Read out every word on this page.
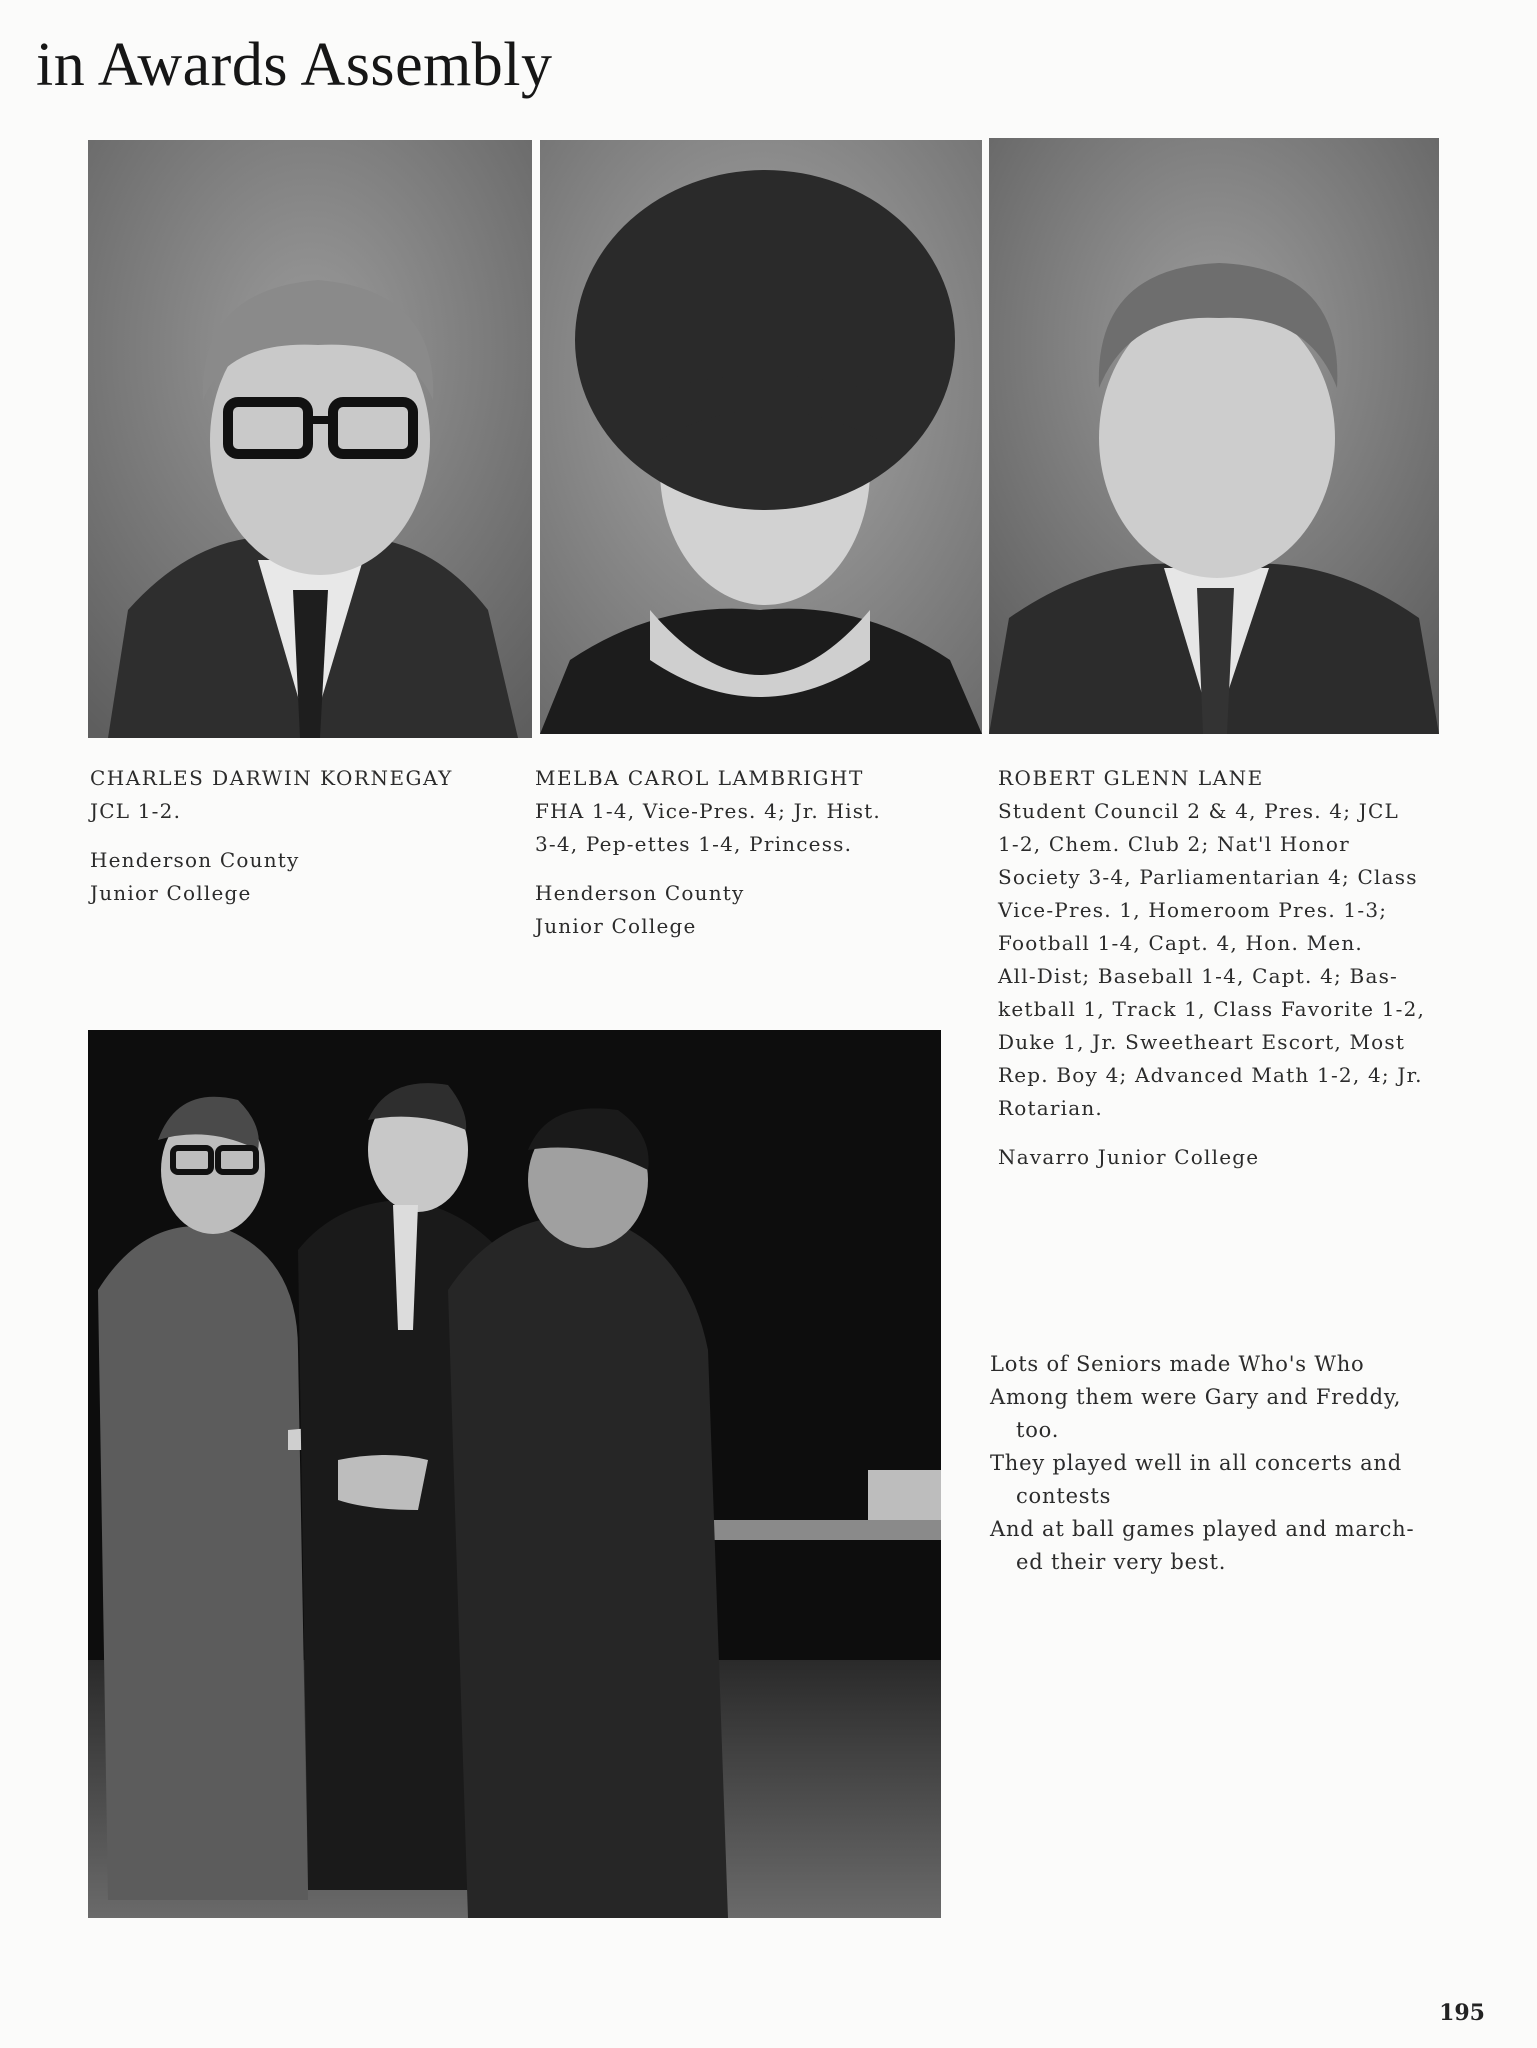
in Awards Assembly

CHARLES DARWIN KORNEGAY

JCL 1-2.

Henderson County

Junior College

MELBA CAROL LAMBRIGHT

FHA 1-4, Vice-Pres. 4; Jr. Hist.

3-4, Pep-ettes 1-4, Princess.

Henderson County

Junior College

ROBERT GLENN LANE

Student Council 2 & 4, Pres. 4; JCL

1-2, Chem. Club 2; Nat'l Honor

Society 3-4, Parliamentarian 4; Class

Vice-Pres. 1, Homeroom Pres. 1-3;

Football 1-4, Capt. 4, Hon. Men.

All-Dist; Baseball 1-4, Capt. 4; Bas-

ketball 1, Track 1, Class Favorite 1-2,

Duke 1, Jr. Sweetheart Escort, Most

Rep. Boy 4; Advanced Math 1-2, 4; Jr.

Rotarian.

Navarro Junior College

Lots of Seniors made Who's Who

Among them were Gary and Freddy,

too.

They played well in all concerts and

contests

And at ball games played and march-

ed their very best.

195
